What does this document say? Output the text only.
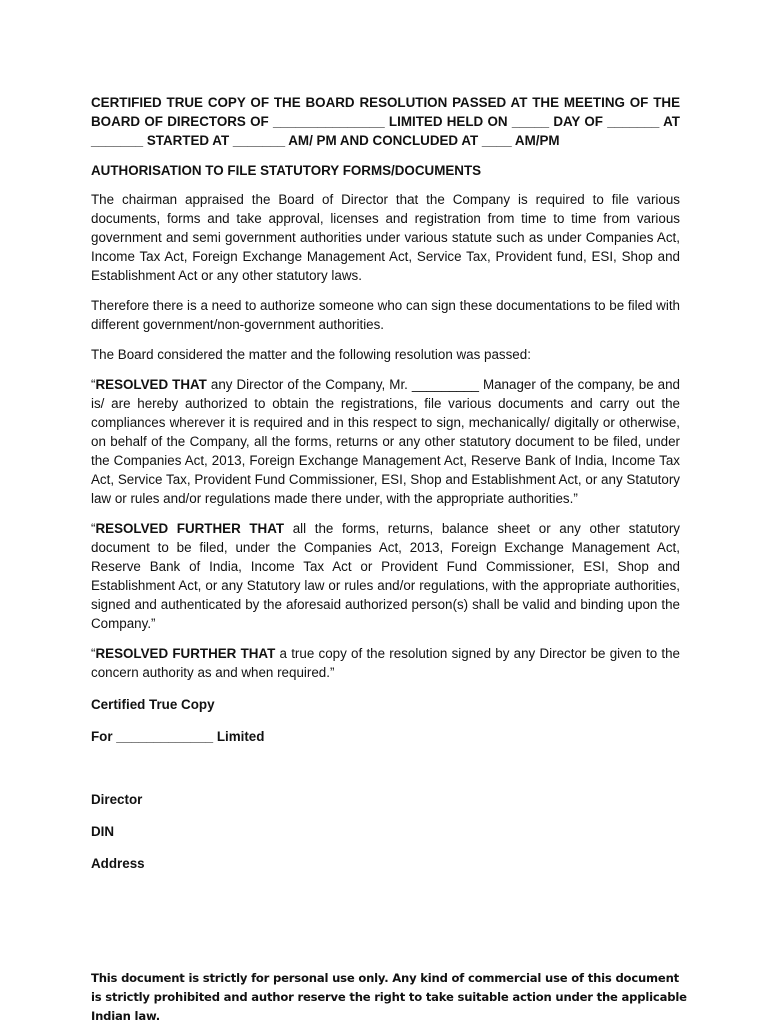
CERTIFIED TRUE COPY OF THE BOARD RESOLUTION PASSED AT THE MEETING OF THE BOARD OF DIRECTORS OF _______________ LIMITED HELD ON _____ DAY OF _______ AT _______ STARTED AT _______ AM/ PM AND CONCLUDED AT ____ AM/PM
AUTHORISATION TO FILE STATUTORY FORMS/DOCUMENTS

The chairman appraised the Board of Director that the Company is required to file various documents, forms and take approval, licenses and registration from time to time from various government and semi government authorities under various statute such as under Companies Act, Income Tax Act, Foreign Exchange Management Act, Service Tax, Provident fund, ESI, Shop and Establishment Act or any other statutory laws.

Therefore there is a need to authorize someone who can sign these documentations to be filed with different government/non-government authorities.

The Board considered the matter and the following resolution was passed:

“RESOLVED THAT any Director of the Company, Mr. _________ Manager of the company, be and is/ are hereby authorized to obtain the registrations, file various documents and carry out the compliances wherever it is required and in this respect to sign, mechanically/ digitally or otherwise, on behalf of the Company, all the forms, returns or any other statutory document to be filed, under the Companies Act, 2013, Foreign Exchange Management Act, Reserve Bank of India, Income Tax Act, Service Tax, Provident Fund Commissioner, ESI, Shop and Establishment Act, or any Statutory law or rules and/or regulations made there under, with the appropriate authorities.”

“RESOLVED FURTHER THAT all the forms, returns, balance sheet or any other statutory document to be filed, under the Companies Act, 2013, Foreign Exchange Management Act, Reserve Bank of India, Income Tax Act or Provident Fund Commissioner, ESI, Shop and Establishment Act, or any Statutory law or rules and/or regulations, with the appropriate authorities, signed and authenticated by the aforesaid authorized person(s) shall be valid and binding upon the Company.”

“RESOLVED FURTHER THAT a true copy of the resolution signed by any Director be given to the concern authority as and when required.”

Certified True Copy
For _____________ Limited
Director
DIN
Address
This document is strictly for personal use only. Any kind of commercial use of this document is strictly prohibited and author reserve the right to take suitable action under the applicable Indian law.
